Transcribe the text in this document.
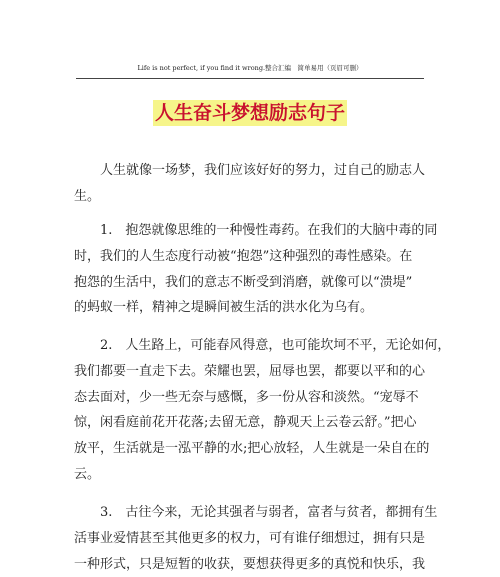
Life is not perfect, if you find it wrong.整合汇编　简单易用（页眉可删）
人生奋斗梦想励志句子
　　人生就像一场梦，我们应该好好的努力，过自己的励志人
生。
　　1.　抱怨就像思维的一种慢性毒药。在我们的大脑中毒的同
时，我们的人生态度行动被“抱怨”这种强烈的毒性感染。在
抱怨的生活中，我们的意志不断受到消磨，就像可以“溃堤”
的蚂蚁一样，精神之堤瞬间被生活的洪水化为乌有。
　　2.　人生路上，可能春风得意，也可能坎坷不平，无论如何，
我们都要一直走下去。荣耀也罢，屈辱也罢，都要以平和的心
态去面对，少一些无奈与感慨，多一份从容和淡然。“宠辱不
惊，闲看庭前花开花落;去留无意，静观天上云卷云舒。”把心
放平，生活就是一泓平静的水;把心放轻，人生就是一朵自在的
云。
　　3.　古往今来，无论其强者与弱者，富者与贫者，都拥有生
活事业爱情甚至其他更多的权力，可有谁仔细想过，拥有只是
一种形式，只是短暂的收获，要想获得更多的真悦和快乐，我
